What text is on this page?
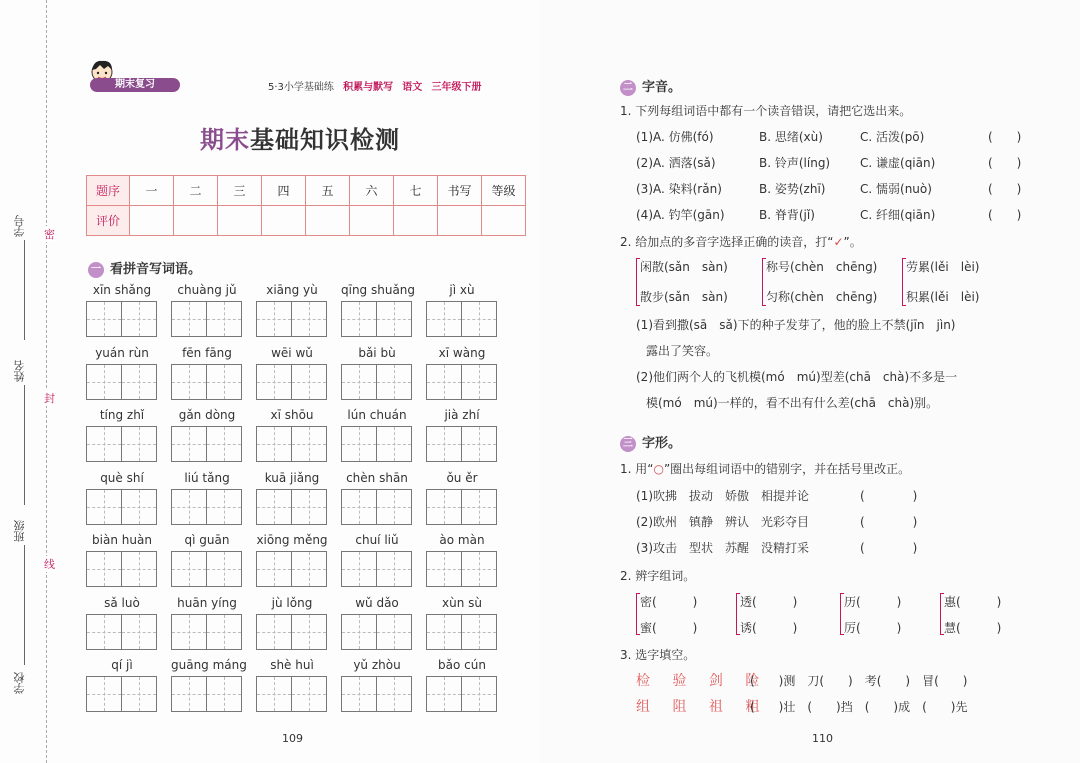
学号
姓名
班级
学校
密
封
线
期末复习	5·3小学基础练 积累与默写 语文 三年级下册
期末基础知识检测
题序	一	二	三	四	五	六	七	书写	等级
评价									
一 看拼音写词语。
xīn shǎng	chuàng jǔ	xiāng yù	qīng shuǎng	jì xù
yuán rùn	fēn fāng	wēi wǔ	bǎi bù	xī wàng
tíng zhǐ	gǎn dòng	xī shōu	lún chuán	jià zhí
què shí	liú tǎng	kuā jiǎng	chèn shān	ǒu ěr
biàn huàn	qì guān	xiōng měng	chuí liǔ	ào màn
sǎ luò	huān yíng	jù lǒng	wǔ dǎo	xùn sù
qí jì	guāng máng	shè huì	yǔ zhòu	bǎo cún
109
二 字音。
1. 下列每组词语中都有一个读音错误，请把它选出来。
(1)A. 仿佛(fó)	B. 思绪(xù)	C. 活泼(pō)	(　　)
(2)A. 洒落(sǎ)	B. 铃声(líng) C. 谦虚(qiān)	(　　)
(3)A. 染料(rǎn)	B. 姿势(zhī)	C. 懦弱(nuò)	(　　)
(4)A. 钓竿(gān)	B. 脊背(jǐ)	C. 纤细(qiān)	(　　)
2. 给加点的多音字选择正确的读音，打“✓”。
闲散(sǎn　sàn)
散步(sǎn　sàn)
称号(chèn　chēng)
匀称(chèn　chēng)
劳累(lěi　lèi)
积累(lěi　lèi)
(1)看到撒(sā　sǎ)下的种子发芽了，他的脸上不禁(jīn　jìn)
露出了笑容。
(2)他们两个人的飞机模(mó　mú)型差(chā　chà)不多是一
模(mó　mú)一样的，看不出有什么差(chā　chà)别。
三 字形。
1. 用“○”圈出每组词语中的错别字，并在括号里改正。
(1)吹拂　拔动　娇傲　相提并论	(　　　　)
(2)欧州　镇静　辨认　光彩夺目	(　　　　)
(3)攻击　型状　苏醒　没精打采	(　　　　)
2. 辨字组词。
密(　　　)
蜜(　　　)
透(　　　)
诱(　　　)
历(　　　)
厉(　　　)
惠(　　　)
慧(　　　)
3. 选字填空。
检 验 剑 险
(　　)测　刀(　　)　考(　　)　冒(　　)
组 阻 祖 粗
(　　)壮　(　　)挡　(　　)成　(　　)先
110
